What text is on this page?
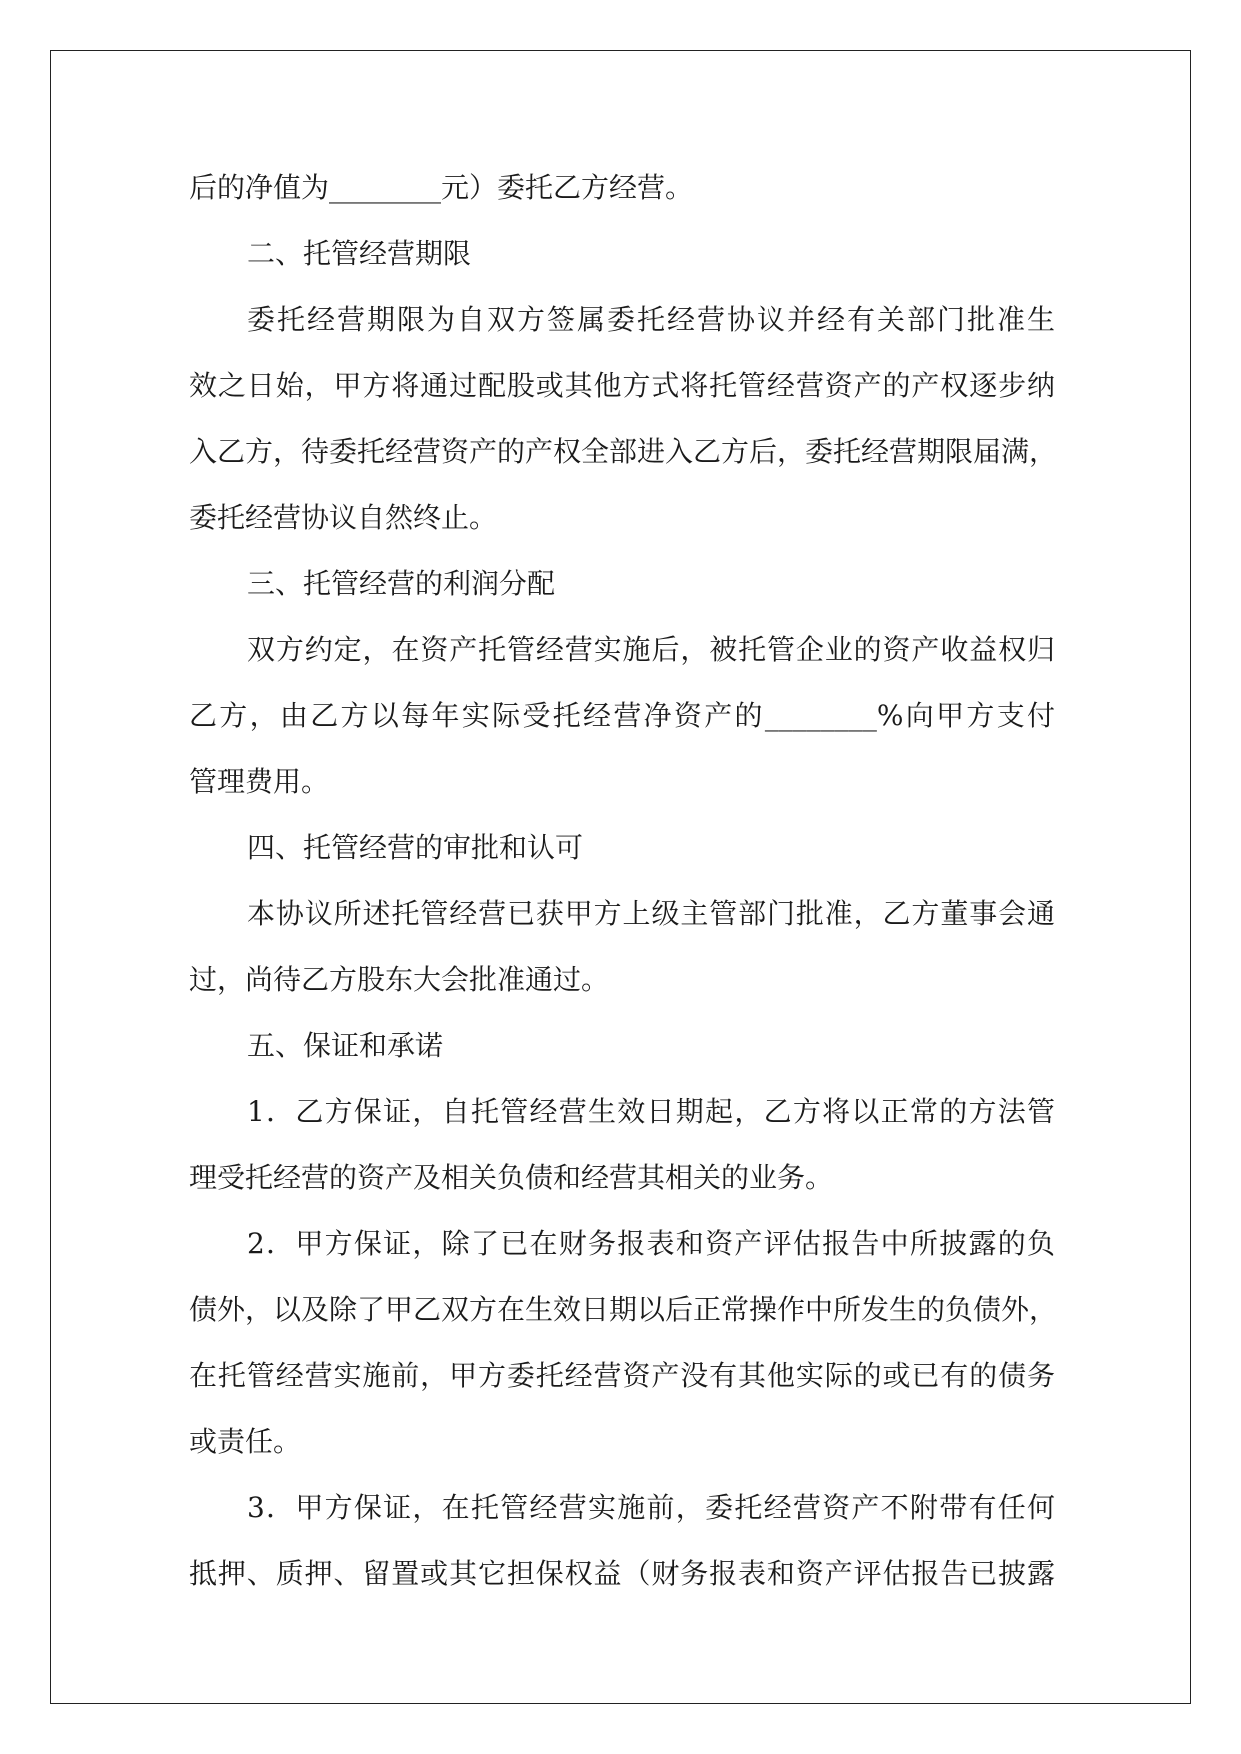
后的净值为________元）委托乙方经营。
二、托管经营期限
委托经营期限为自双方签属委托经营协议并经有关部门批准生
效之日始，甲方将通过配股或其他方式将托管经营资产的产权逐步纳
入乙方，待委托经营资产的产权全部进入乙方后，委托经营期限届满，
委托经营协议自然终止。
三、托管经营的利润分配
双方约定，在资产托管经营实施后，被托管企业的资产收益权归
乙方，由乙方以每年实际受托经营净资产的________%向甲方支付
管理费用。
四、托管经营的审批和认可
本协议所述托管经营已获甲方上级主管部门批准，乙方董事会通
过，尚待乙方股东大会批准通过。
五、保证和承诺
1．乙方保证，自托管经营生效日期起，乙方将以正常的方法管
理受托经营的资产及相关负债和经营其相关的业务。
2．甲方保证，除了已在财务报表和资产评估报告中所披露的负
债外，以及除了甲乙双方在生效日期以后正常操作中所发生的负债外，
在托管经营实施前，甲方委托经营资产没有其他实际的或已有的债务
或责任。
3．甲方保证，在托管经营实施前，委托经营资产不附带有任何
抵押、质押、留置或其它担保权益（财务报表和资产评估报告已披露
